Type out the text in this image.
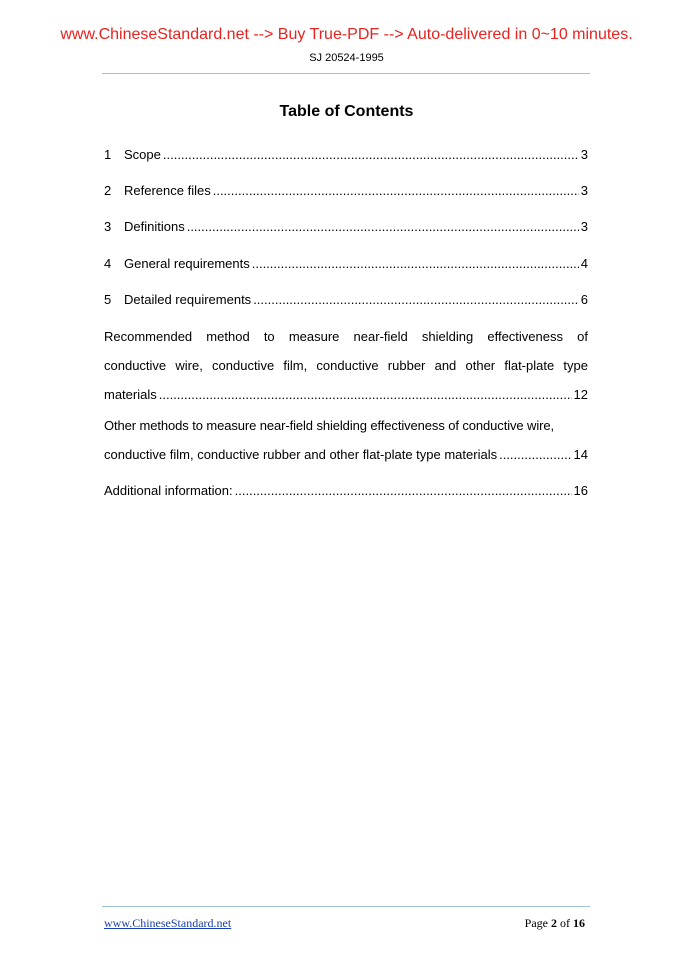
www.ChineseStandard.net --> Buy True-PDF --> Auto-delivered in 0~10 minutes.
SJ 20524-1995
Table of Contents
1 Scope .....	3
2 Reference files .....	3
3 Definitions .....	3
4 General requirements .....	4
5 Detailed requirements .....	6
Recommended method to measure near-field shielding effectiveness of
conductive wire, conductive film, conductive rubber and other flat-plate type
materials .....	12
Other methods to measure near-field shielding effectiveness of conductive wire,
conductive film, conductive rubber and other flat-plate type materials .....	14
Additional information: .....	16
www.ChineseStandard.net	Page 2 of 16
